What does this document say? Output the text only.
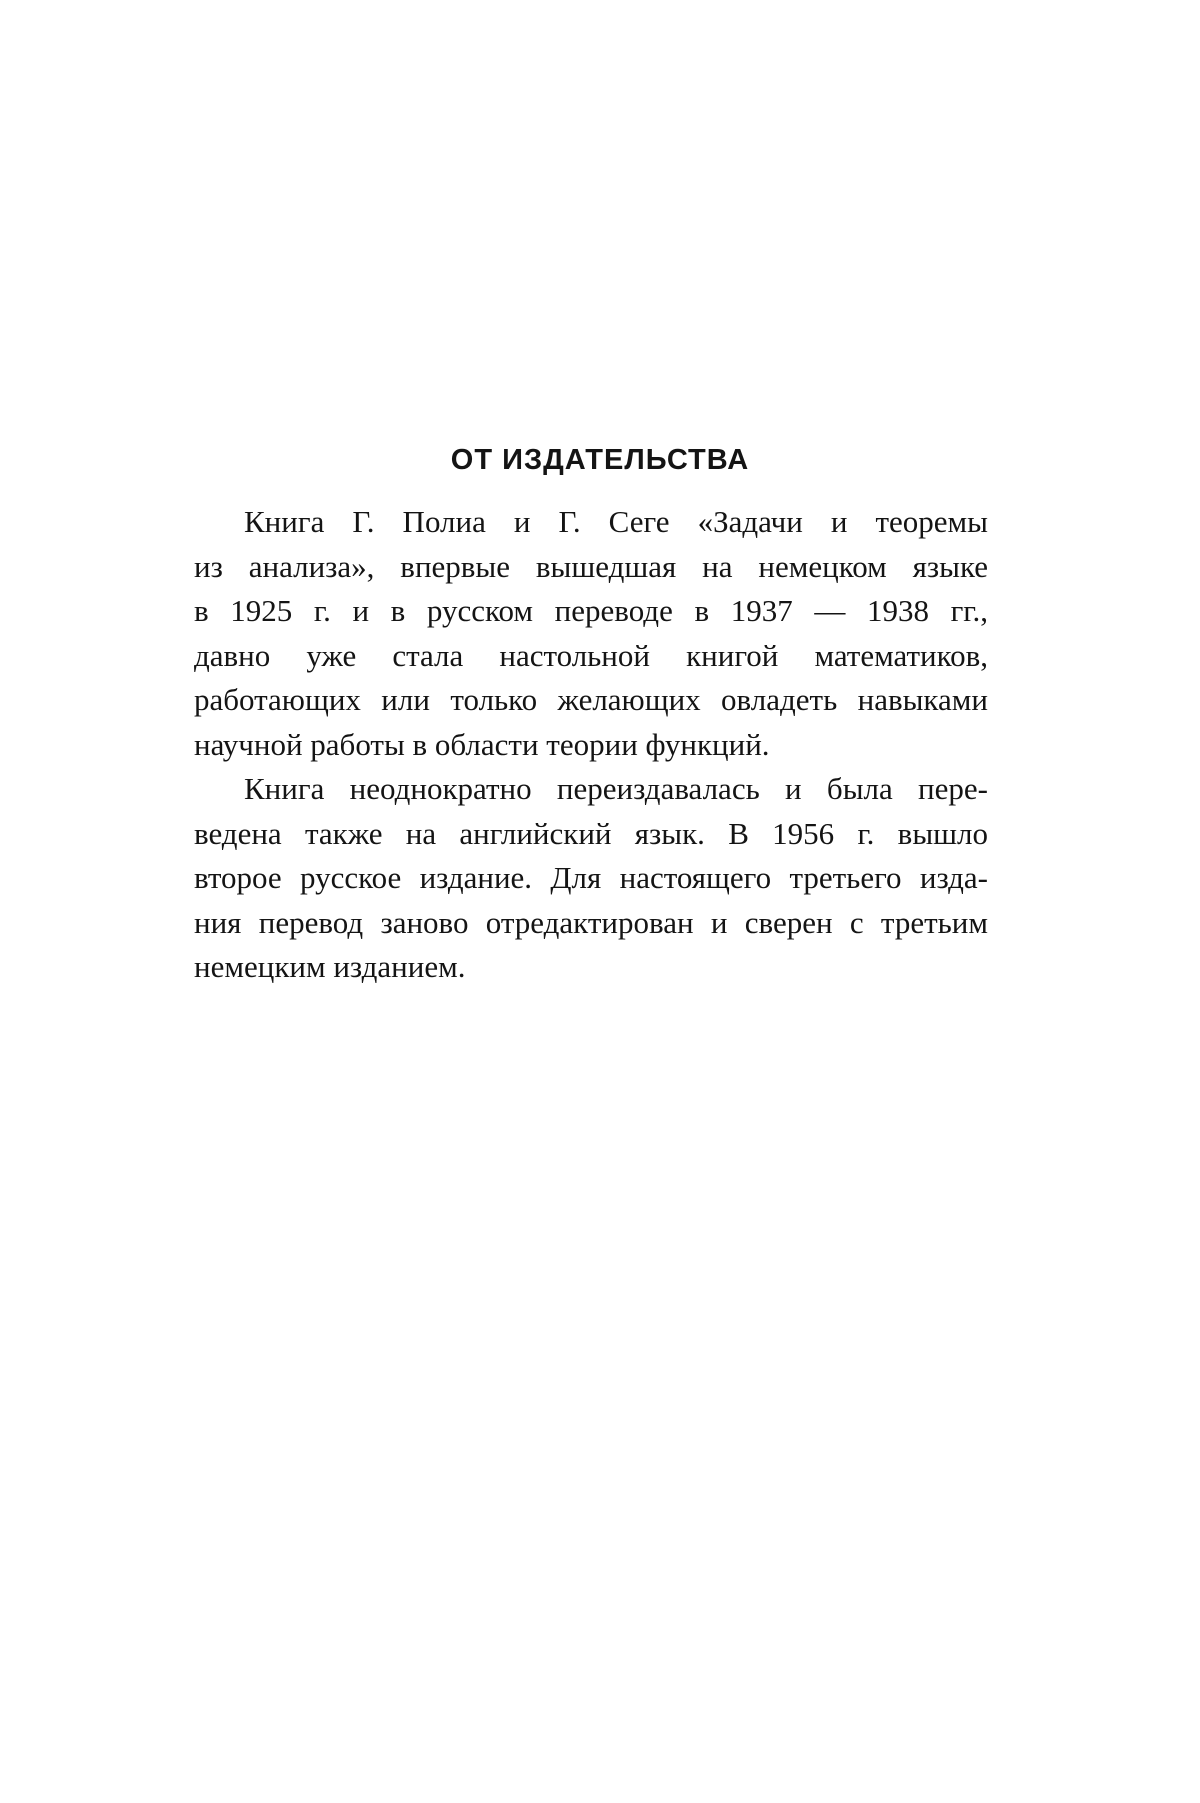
ОТ ИЗДАТЕЛЬСТВА

Книга Г. Полиа и Г. Сеге «Задачи и теоремы
из анализа», впервые вышедшая на немецком языке
в 1925 г. и в русском переводе в 1937 — 1938 гг.,
давно уже стала настольной книгой математиков,
работающих или только желающих овладеть навыками
научной работы в области теории функций.

Книга неоднократно переиздавалась и была пере-
ведена также на английский язык. В 1956 г. вышло
второе русское издание. Для настоящего третьего изда-
ния перевод заново отредактирован и сверен с третьим
немецким изданием.
